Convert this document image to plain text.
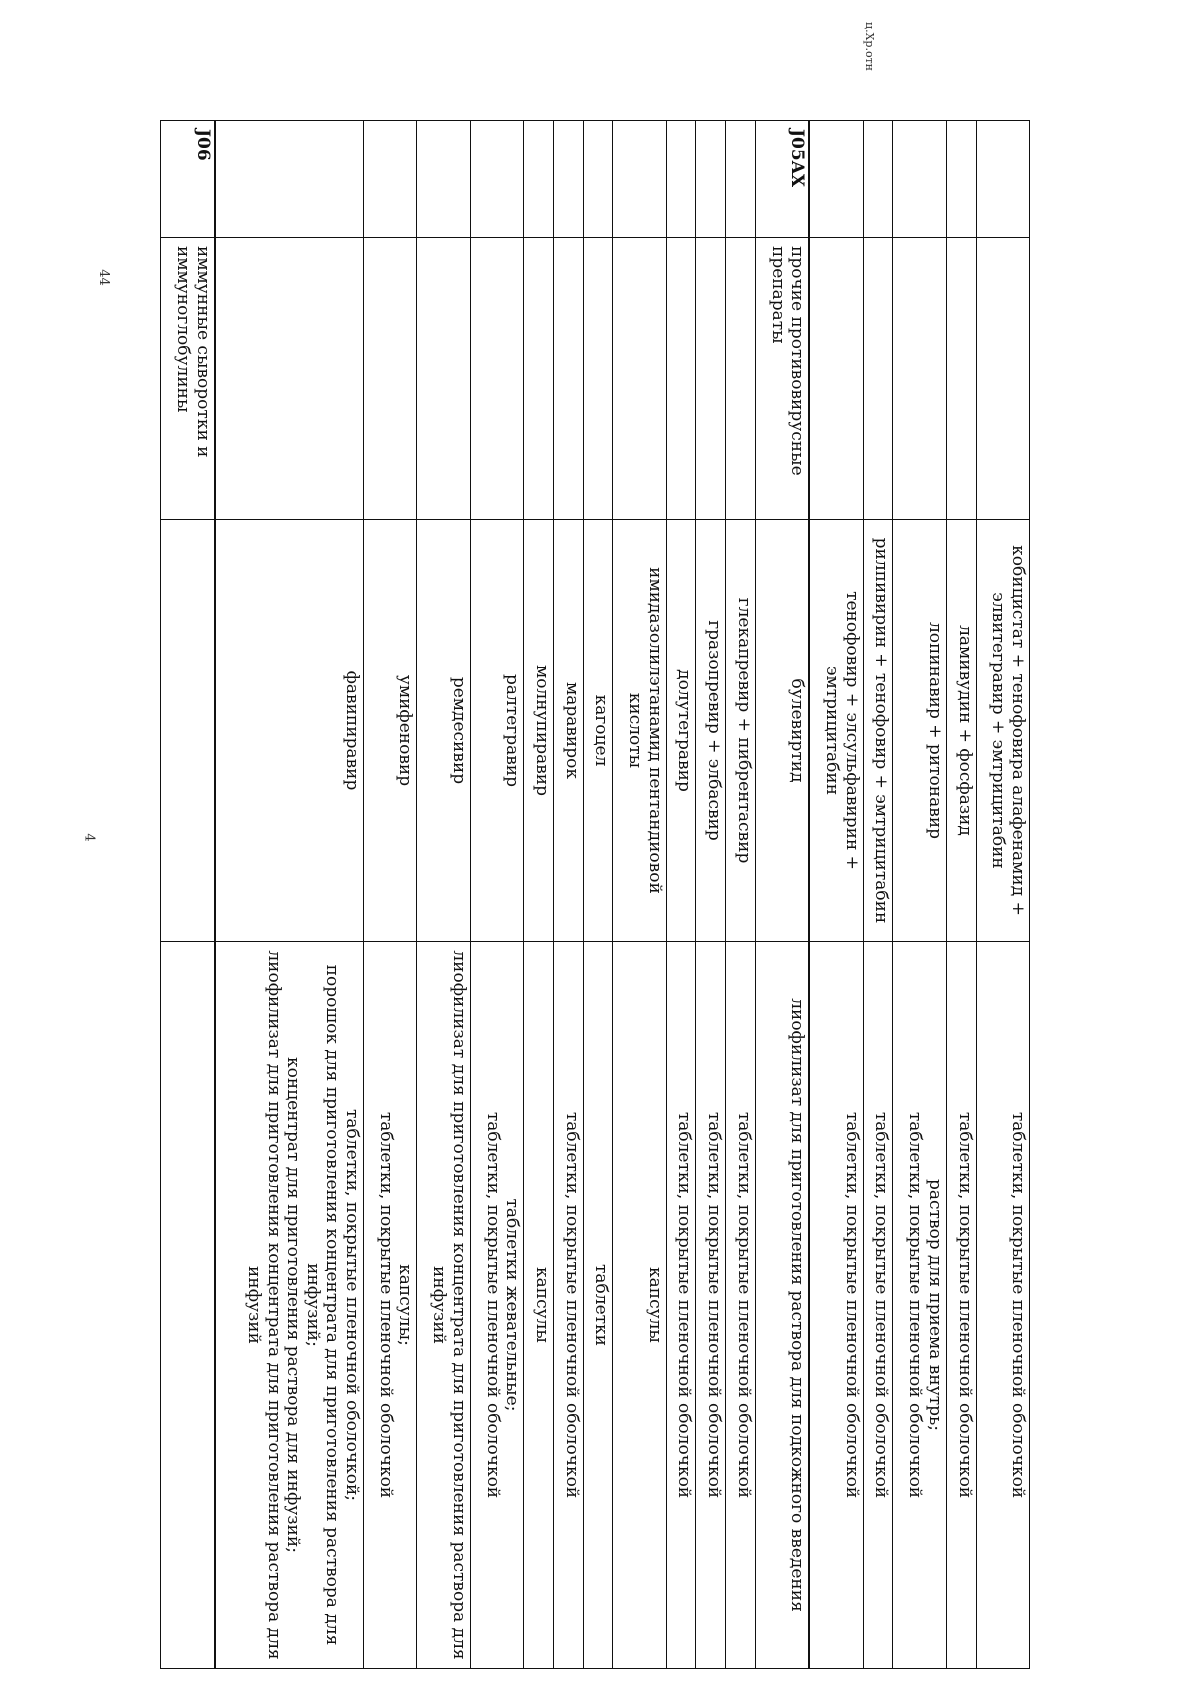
44
4
ц.Хр.отн
		кобицистат + тенофовира алафенамид + элвитегравир + эмтрицитабин	таблетки, покрытые пленочной оболочкой
		ламивудин + фосфазид	таблетки, покрытые пленочной оболочкой
		лопинавир + ритонавир	раствор для приема внутрь;
таблетки, покрытые пленочной оболочкой
		рилпивирин + тенофовир + эмтрицитабин	таблетки, покрытые пленочной оболочкой
		тенофовир + элсульфавирин + эмтрицитабин	таблетки, покрытые пленочной оболочкой
J05AX	прочие противовирусные препараты	булевиртид	лиофилизат для приготовления раствора для подкожного введения
		глекапревир + пибрентасвир	таблетки, покрытые пленочной оболочкой
		гразопревир + элбасвир	таблетки, покрытые пленочной оболочкой
		долутегравир	таблетки, покрытые пленочной оболочкой
		имидазолилэтанамид пентандиовой кислоты	капсулы
		кагоцел	таблетки
		маравирок	таблетки, покрытые пленочной оболочкой
		молнупиравир	капсулы
		ралтегравир	таблетки жевательные;
таблетки, покрытые пленочной оболочкой
		ремдесивир	лиофилизат для приготовления концентрата для приготовления раствора для инфузий
		умифеновир	капсулы;
таблетки, покрытые пленочной оболочкой
		фавипиравир	таблетки, покрытые пленочной оболочкой;
порошок для приготовления концентрата для приготовления раствора для инфузий;
концентрат для приготовления раствора для инфузий;
лиофилизат для приготовления концентрата для приготовления раствора для инфузий
J06	иммунные сыворотки и иммуноглобулины		
